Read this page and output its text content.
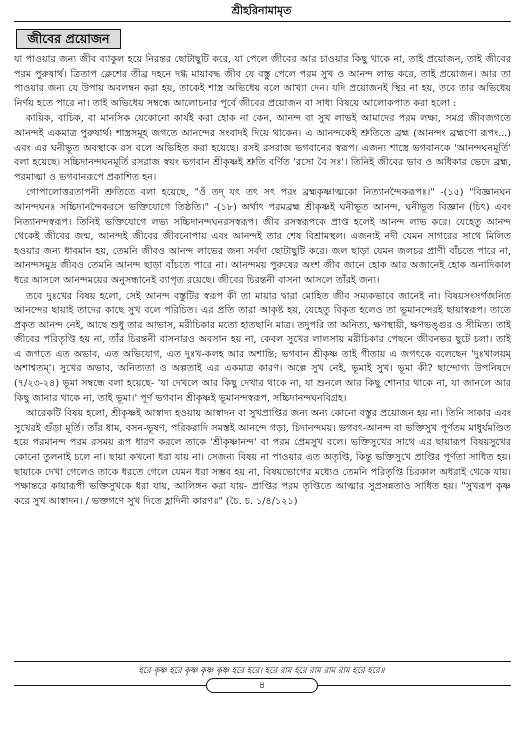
শ্রীহরিনামামৃত
জীবের প্রয়োজন

যা পাওয়ার জন্য জীব ব্যাকুল হয়ে নিরন্তর ছোটাছুটি করে, যা পেলে জীবের আর চাওয়ার কিছু থাকে না, তাই প্রয়োজন, তাই জীবের পরম পুরুষার্থ। ত্রিতাপ ক্লেশের তীব্র দহনে দগ্ধ মায়াবদ্ধ জীব যে বস্তু পেলে পরম সুখ ও আনন্দ লাভ করে, তাই প্রয়োজন। আর তা পাওয়ার জন্য যে উপায় অবলম্বন করা হয়, তাকেই শাস্ত্র অভিধেয় বলে আখ্যা দেন। যদি প্রয়োজনই স্থির না হয়, তবে তার অভিধেয় নির্ণয় হতে পারে না। তাই অভিধেয় সম্বন্ধে আলোচনার পূর্বে জীবের প্রয়োজন বা সাধ্য বিষয়ে আলোকপাত করা হলো :

কায়িক, বাচিক, বা মানসিক যেকোনো কার্যই করা হোক না কেন, আনন্দ বা সুখ লাভই আমাদের পরম লক্ষ্য, সমগ্র জীবজগতে আনন্দই একমাত্র পুরুষার্থ। শাস্ত্রসমূহ জগতে আনন্দের সংবাদই দিয়ে থাকেন। এ আনন্দকেই শ্রুতিতে ব্রহ্ম (আনন্দং ব্রহ্মণো রূপং...) এবং এর ঘনীভূত অবস্থাকে রস বলে অভিহিত করা হয়েছে। রসই রসরাজ ভগবানের স্বরূপ। এজন্য শাস্ত্রে ভগবানকে 'আনন্দঘনমূর্তি' বলা হয়েছে। সচ্চিদানন্দঘনমূর্তি রসরাজ স্বয়ং ভগবান শ্রীকৃষ্ণই শ্রুতি বর্ণিত 'রসো বৈ সঃ'। তিনিই জীবের ভাব ও অধিকার ভেদে ব্রহ্ম, পরমাত্মা ও ভগবানরূপে প্রকাশিত হন।

গোপালোত্তরতাপনী শ্রুতিতে বলা হয়েছে, "ওঁ তদ্ যৎ তৎ সৎ পরং ব্রহ্মকৃষ্ণাত্মকো নিত্যানন্দৈকরূপঃ।" -(১৫) "বিজ্ঞানঘন আনন্দঘনঃ সচ্চিদানন্দৈকরসে ভক্তিযোগে তিষ্ঠতি।" -(১৮) অর্থাৎ পরমব্রহ্ম শ্রীকৃষ্ণই ঘনীভূত আনন্দ, ঘনীভূত বিজ্ঞান (চিৎ) এবং নিত্যানন্দস্বরূপ। তিনিই ভক্তিযোগে লভ্য সচ্চিদানন্দঘনরসস্বরূপ। জীব রসস্বরূপকে প্রাপ্ত হলেই আনন্দ লাভ করে। যেহেতু আনন্দ থেকেই জীবের জন্ম, আনন্দই জীবের জীবনোপায় এবং আনন্দই তার শেষ বিশ্রামস্থল। এজন্যই নদী যেমন সাগরের সাথে মিলিত হওয়ার জন্য ধাবমান হয়, তেমনি জীবও আনন্দ লাভের জন্য সর্বদা ছোটাছুটি করে। জল ছাড়া যেমন জলচর প্রাণী বাঁচতে পারে না, আনন্দসমুদ্র জীবও তেমনি আনন্দ ছাড়া বাঁচতে পারে না। আনন্দময় পুরুষের অংশ জীব জানে হোক আর অজানেই হোক অনাদিকাল ধরে আসলে আনন্দময়ের অনুসন্ধানেই ব্যাপৃত রয়েছে। জীবের চিরন্তনী বাসনা আসলে তাঁরই জন্য।

তবে দুঃখের বিষয় হলো, সেই আনন্দ বস্তুটির স্বরূপ কী তা মায়ার দ্বারা মোহিত জীব সম্যকভাবে জানেই না। বিষয়সংসর্গজনিত আনন্দের ছায়াই তাদের কাছে সুখ বলে পরিচিত। এর প্রতি তারা আকৃষ্ট হয়, যেহেতু বিকৃত হলেও তা ভূমানন্দেরই ছায়াস্বরূপ। তাতে প্রকৃত আনন্দ নেই, আছে শুধু তার আভাস, মরীচিকার মতো হাতছানি মাত্র। তদুপরি তা অনিত্য, ক্ষণস্থায়ী, ক্ষণভঙ্গুর ও সীমিত। তাই জীবের পরিতৃপ্তি হয় না, তাঁর চিরন্তনী বাসনারও অবসান হয় না, কেবল সুখের লালসায় মরীচিকার পেছনে জীবনভর ছুটে চলা। তাই এ জগতে এত অভাব, এত অভিযোগ, এত দুঃখ-কলহ আর অশান্তি; ভগবান শ্রীকৃষ্ণ তাই গীতায় এ জগৎকে বলেছেন 'দুঃখালয়ম্ অশাশ্বতম্'। সুখের অভাব, অনিত্যতা ও অল্পতাই এর একমাত্র কারণ। অল্পে সুখ নেই, ভূমাই সুখ। ভূমা কী? ছান্দোগ্য উপনিষদে (৭/২৩-২৪) ভূমা সম্বন্ধে বলা হয়েছে- 'যা দেখলে আর কিছু দেখার থাকে না, যা শুনলে আর কিছু শোনার থাকে না, যা জানলে আর কিছু জানার থাকে না, তাই ভূমা।' পূর্ণ ভগবান শ্রীকৃষ্ণই ভূমানন্দস্বরূপ, সচ্চিদানন্দঘনবিগ্রহ।

আরেকটি বিষয় হলো, শ্রীকৃষ্ণই আস্বাদ্য হওয়ায় আস্বাদন বা সুখপ্রাপ্তির জন্য অন্য কোনো বস্তুর প্রয়োজন হয় না। তিনি সাকার এবং সুখেরই গুঁড়া মূর্তি। তাঁর ধাম, বসন-ভূষণ, পরিকরাদি সমস্তই আনন্দে গড়া, চিদানন্দময়। ভগবৎ-আনন্দ বা ভক্তিসুখ পূর্ণতম মাধুর্যমণ্ডিত হয়ে পরমানন্দ পরম রসময় রূপ ধারণ করলে তাকে 'শ্রীকৃষ্ণানন্দ' বা পরম প্রেমসুখ বলে। ভক্তিসুখের সাথে এর ছায়ারূপ বিষয়সুখের কোনো তুলনাই চলে না। ছায়া কখনো ধরা যায় না। সেজন্য বিষয় না পাওয়ার এত অতৃপ্তি, কিন্তু ভক্তিসুখে প্রাপ্তির পূর্ণতা সাধিত হয়। ছায়াকে দেখা গেলেও তাকে ধরতে গেলে যেমন ধরা সম্ভব হয় না, বিষয়ভোগের মধ্যেও তেমনি পরিতৃপ্তি চিরকাল অধরাই থেকে যায়। পক্ষান্তরে কায়ারূপী ভক্তিসুখকে ধরা যায়, আলিঙ্গন করা যায়- প্রাপ্তির পরম তৃপ্তিতে আত্মার সুপ্রসন্নতাও সাধিত হয়। "সুখরূপ কৃষ্ণ করে সুখ আস্বাদন। / ভক্তগণে সুখ দিতে হ্লাদিনী কারণ॥" (চৈ. চ. ১/৪/১২১)

হরে কৃষ্ণ হরে কৃষ্ণ কৃষ্ণ কৃষ্ণ হরে হরে। হরে রাম হরে রাম রাম রাম হরে হরে॥
৪
